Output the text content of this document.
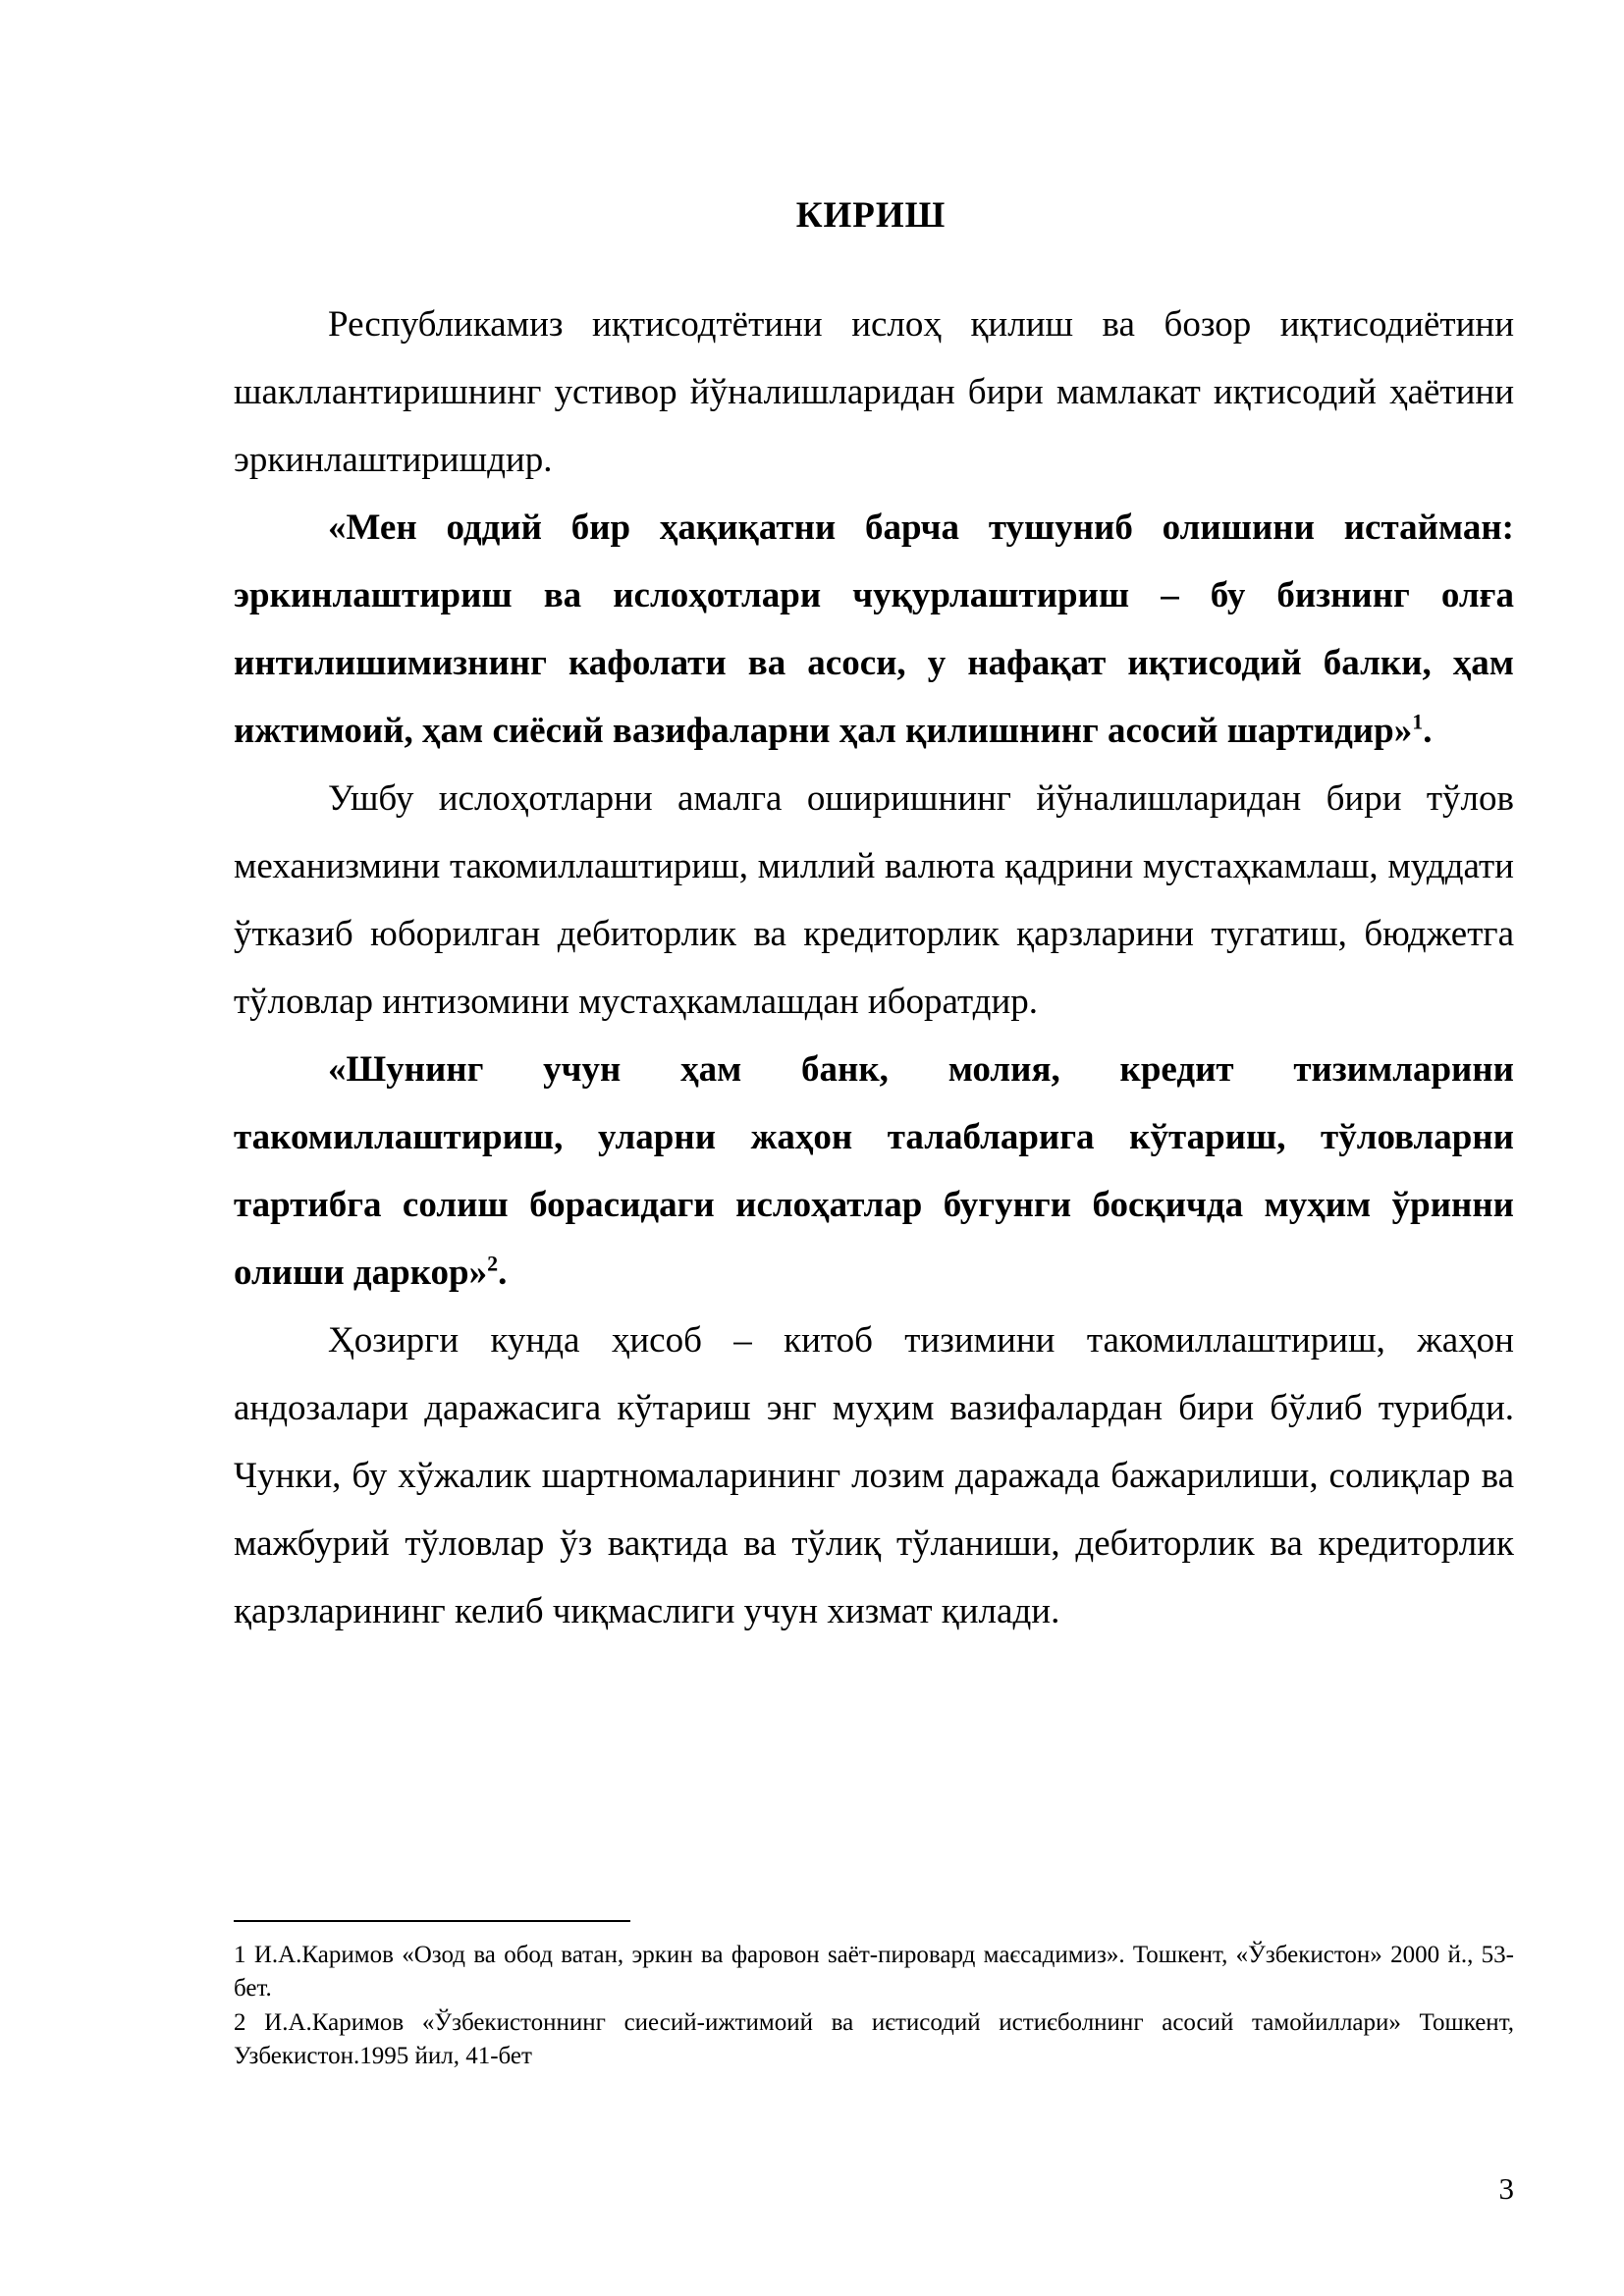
КИРИШ

Республикамиз иқтисодтётини ислоҳ қилиш ва бозор иқтисодиётини шакллантиришнинг устивор йўналишларидан бири мамлакат иқтисодий ҳаётини эркинлаштиришдир.

«Мен оддий бир ҳақиқатни барча тушуниб олишини истайман: эркинлаштириш ва ислоҳотлари чуқурлаштириш – бу бизнинг олға интилишимизнинг кафолати ва асоси, у нафақат иқтисодий балки, ҳам ижтимоий, ҳам сиёсий вазифаларни ҳал қилишнинг асосий шартидир»$^1$.

Ушбу ислоҳотларни амалга оширишнинг йўналишларидан бири тўлов механизмини такомиллаштириш, миллий валюта қадрини мустаҳкамлаш, муддати ўтказиб юборилган дебиторлик ва кредиторлик қарзларини тугатиш, бюджетга тўловлар интизомини мустаҳкамлашдан иборатдир.

«Шунинг учун ҳам банк, молия, кредит тизимларини такомиллаштириш, уларни жаҳон талабларига кўтариш, тўловларни тартибга солиш борасидаги ислоҳатлар бугунги босқичда муҳим ўринни олиши даркор»$^2$.

Ҳозирги кунда ҳисоб – китоб тизимини такомиллаштириш, жаҳон андозалари даражасига кўтариш энг муҳим вазифалардан бири бўлиб турибди. Чунки, бу хўжалик шартномаларининг лозим даражада бажарилиши, солиқлар ва мажбурий тўловлар ўз вақтида ва тўлиқ тўланиши, дебиторлик ва кредиторлик қарзларининг келиб чиқмаслиги учун хизмат қилади.

1 И.А.Каримов «Озод ва обод ватан, эркин ва фаровон saёт-пировард маєсадимиз». Тошкент, «Ўзбекистон» 2000 й., 53-бет.

2 И.А.Каримов «Ўзбекистоннинг сиесий-ижтимоий ва иєтисодий истиєболнинг асосий тамойиллари» Тошкент, Узбекистон.1995 йил, 41-бет

3
